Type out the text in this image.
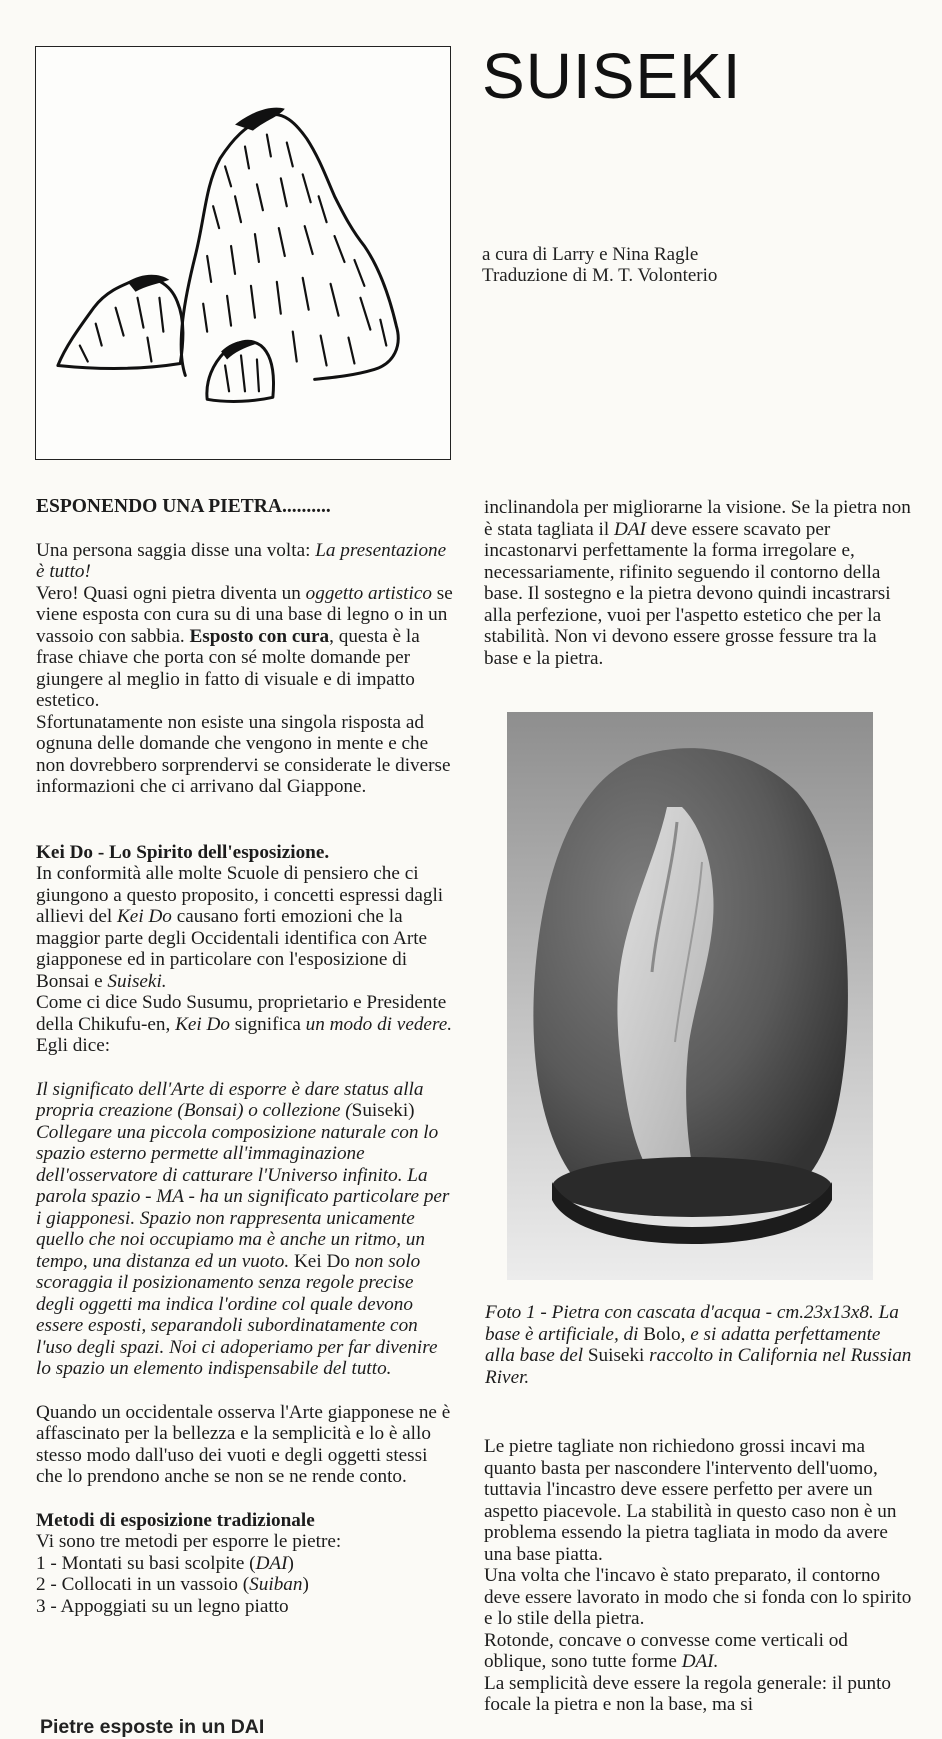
SUISEKI
a cura di Larry e Nina Ragle
Traduzione di M. T. Volonterio
ESPONENDO UNA PIETRA..........

Una persona saggia disse una volta: La presentazione è tutto!

Vero! Quasi ogni pietra diventa un oggetto artistico se viene esposta con cura su di una base di legno o in un vassoio con sabbia. Esposto con cura, questa è la frase chiave che porta con sé molte domande per giungere al meglio in fatto di visuale e di impatto estetico.

Sfortunatamente non esiste una singola risposta ad ognuna delle domande che vengono in mente e che non dovrebbero sorprendervi se considerate le diverse informazioni che ci arrivano dal Giappone.

Kei Do - Lo Spirito dell'esposizione.

In conformità alle molte Scuole di pensiero che ci giungono a questo proposito, i concetti espressi dagli allievi del Kei Do causano forti emozioni che la maggior parte degli Occidentali identifica con Arte giapponese ed in particolare con l'esposizione di Bonsai e Suiseki.

Come ci dice Sudo Susumu, proprietario e Presidente della Chikufu-en, Kei Do significa un modo di vedere. Egli dice:

Il significato dell'Arte di esporre è dare status alla propria creazione (Bonsai) o collezione (Suiseki) Collegare una piccola composizione naturale con lo spazio esterno permette all'immaginazione dell'osservatore di catturare l'Universo infinito. La parola spazio - MA - ha un significato particolare per i giapponesi. Spazio non rappresenta unicamente quello che noi occupiamo ma è anche un ritmo, un tempo, una distanza ed un vuoto. Kei Do non solo scoraggia il posizionamento senza regole precise degli oggetti ma indica l'ordine col quale devono essere esposti, separandoli subordinatamente con l'uso degli spazi. Noi ci adoperiamo per far divenire lo spazio un elemento indispensabile del tutto.

Quando un occidentale osserva l'Arte giapponese ne è affascinato per la bellezza e la semplicità e lo è allo stesso modo dall'uso dei vuoti e degli oggetti stessi che lo prendono anche se non se ne rende conto.

Metodi di esposizione tradizionale

Vi sono tre metodi per esporre le pietre:

1 - Montati su basi scolpite (DAI)
2 - Collocati in un vassoio (Suiban)
3 - Appoggiati su un legno piatto
Pietre esposte in un DAI

inclinandola per migliorarne la visione. Se la pietra non è stata tagliata il DAI deve essere scavato per incastonarvi perfettamente la forma irregolare e, necessariamente, rifinito seguendo il contorno della base. Il sostegno e la pietra devono quindi incastrarsi alla perfezione, vuoi per l'aspetto estetico che per la stabilità. Non vi devono essere grosse fessure tra la base e la pietra.

Foto 1 - Pietra con cascata d'acqua - cm.23x13x8. La base è artificiale, di Bolo, e si adatta perfettamente alla base del Suiseki raccolto in California nel Russian River.

Le pietre tagliate non richiedono grossi incavi ma quanto basta per nascondere l'intervento dell'uomo, tuttavia l'incastro deve essere perfetto per avere un aspetto piacevole. La stabilità in questo caso non è un problema essendo la pietra tagliata in modo da avere una base piatta.

Una volta che l'incavo è stato preparato, il contorno deve essere lavorato in modo che si fonda con lo spirito e lo stile della pietra.

Rotonde, concave o convesse come verticali od oblique, sono tutte forme DAI.

La semplicità deve essere la regola generale: il punto focale la pietra e non la base, ma si
